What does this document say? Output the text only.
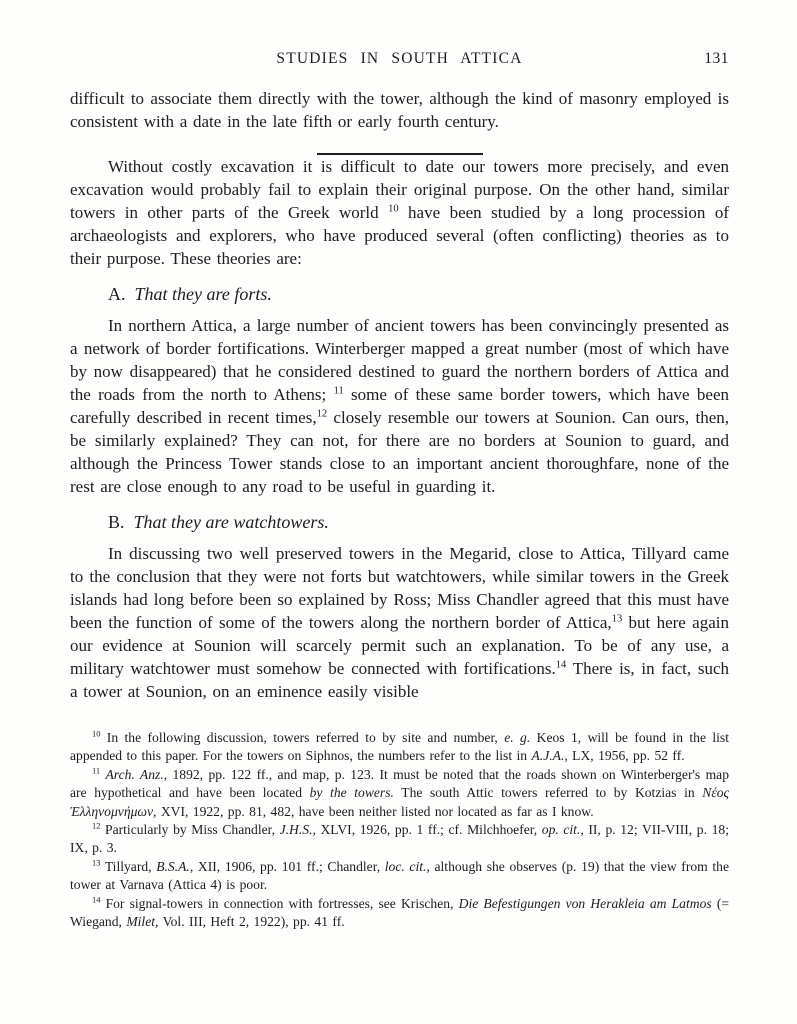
STUDIES IN SOUTH ATTICA	131

difficult to associate them directly with the tower, although the kind of masonry employed is consistent with a date in the late fifth or early fourth century.

Without costly excavation it is difficult to date our towers more precisely, and even excavation would probably fail to explain their original purpose. On the other hand, similar towers in other parts of the Greek world $^{10}$ have been studied by a long procession of archaeologists and explorers, who have produced several (often conflicting) theories as to their purpose. These theories are:

A. That they are forts.

In northern Attica, a large number of ancient towers has been convincingly presented as a network of border fortifications. Winterberger mapped a great number (most of which have by now disappeared) that he considered destined to guard the northern borders of Attica and the roads from the north to Athens; $^{11}$ some of these same border towers, which have been carefully described in recent times,$^{12}$ closely resemble our towers at Sounion. Can ours, then, be similarly explained? They can not, for there are no borders at Sounion to guard, and although the Princess Tower stands close to an important ancient thoroughfare, none of the rest are close enough to any road to be useful in guarding it.

B. That they are watchtowers.

In discussing two well preserved towers in the Megarid, close to Attica, Tillyard came to the conclusion that they were not forts but watchtowers, while similar towers in the Greek islands had long before been so explained by Ross; Miss Chandler agreed that this must have been the function of some of the towers along the northern border of Attica,$^{13}$ but here again our evidence at Sounion will scarcely permit such an explanation. To be of any use, a military watchtower must somehow be connected with fortifications.$^{14}$ There is, in fact, such a tower at Sounion, on an eminence easily visible

$^{10}$ In the following discussion, towers referred to by site and number, e. g. Keos 1, will be found in the list appended to this paper. For the towers on Siphnos, the numbers refer to the list in A.J.A., LX, 1956, pp. 52 ff.

$^{11}$ Arch. Anz., 1892, pp. 122 ff., and map, p. 123. It must be noted that the roads shown on Winterberger's map are hypothetical and have been located by the towers. The south Attic towers referred to by Kotzias in Νέος Ἑλληνομνήμων, XVI, 1922, pp. 81, 482, have been neither listed nor located as far as I know.

$^{12}$ Particularly by Miss Chandler, J.H.S., XLVI, 1926, pp. 1 ff.; cf. Milchhoefer, op. cit., II, p. 12; VII-VIII, p. 18; IX, p. 3.

$^{13}$ Tillyard, B.S.A., XII, 1906, pp. 101 ff.; Chandler, loc. cit., although she observes (p. 19) that the view from the tower at Varnava (Attica 4) is poor.

$^{14}$ For signal-towers in connection with fortresses, see Krischen, Die Befestigungen von Herakleia am Latmos (= Wiegand, Milet, Vol. III, Heft 2, 1922), pp. 41 ff.
